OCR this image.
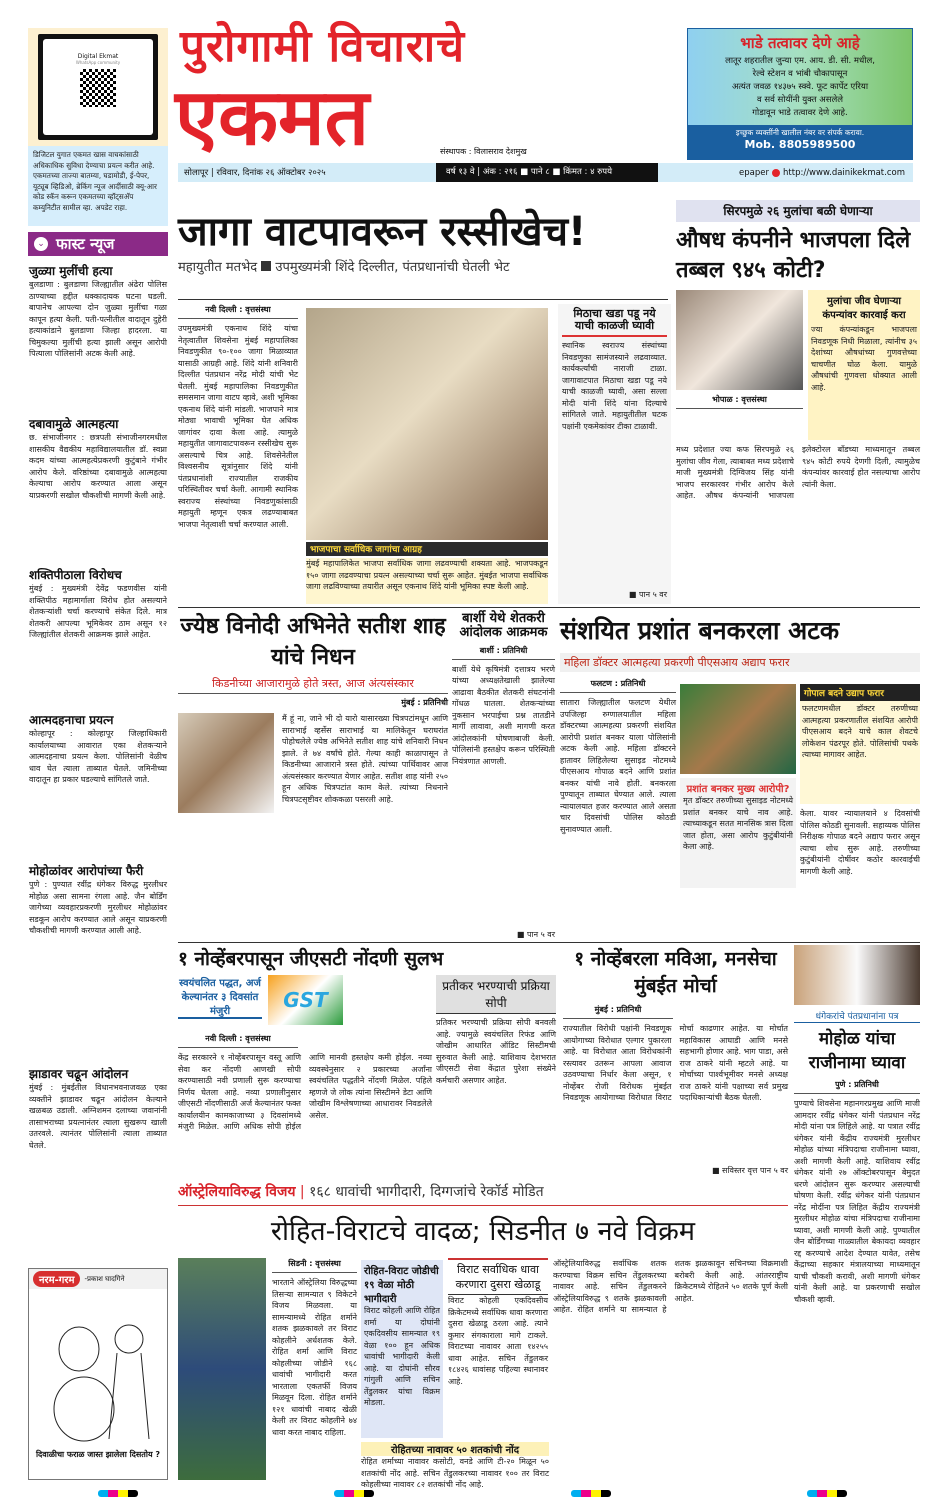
Digital Ekmat
WhatsApp community
डिजिटल युगात एकमत खास वाचकांसाठी अधिकाधिक सुविधा देण्याचा प्रयत्न करीत आहे. एकमतच्या ताज्या बातम्या, घडामोडी, ई-पेपर, यूट्यूब व्हिडिओ, ब्रेकिंग न्यूज आदींसाठी क्यू-आर कोड स्कॅन करून एकमतच्या व्हॉट्सअ‍ॅप कम्युनिटीत सामील व्हा. अपडेट राहा.
⌄ फास्ट न्यूज
जुळ्या मुलींची हत्या
बुलडाणा : बुलडाणा जिल्ह्यातील अंढेरा पोलिस ठाण्याच्या हद्दीत धक्कादायक घटना घडली. बापानेच आपल्या दोन जुळ्या मुलींचा गळा कापून हत्या केली. पती-पत्नीतील वादातून दुहेरी हत्याकांडाने बुलडाणा जिल्हा हादरला. या चिमुकल्या मुलींची हत्या झाली असून आरोपी पित्याला पोलिसांनी अटक केली आहे.
दबावामुळे आत्महत्या
छ. संभाजीनगर : छत्रपती संभाजीनगरमधील शासकीय वैद्यकीय महाविद्यालयातील डॉ. स्वप्ना कदम यांच्या आत्महत्येप्रकरणी कुटुंबाने गंभीर आरोप केले. वरिष्ठांच्या दबावामुळे आत्महत्या केल्याचा आरोप करण्यात आला असून याप्रकरणी सखोल चौकशीची मागणी केली आहे.
शक्तिपीठाला विरोधच
मुंबई : मुख्यमंत्री देवेंद्र फडणवीस यांनी शक्तिपीठ महामार्गाला विरोध होत असल्याने शेतकऱ्यांशी चर्चा करण्याचे संकेत दिले. मात्र शेतकरी आपल्या भूमिकेवर ठाम असून १२ जिल्ह्यांतील शेतकरी आक्रमक झाले आहेत.
आत्मदहनाचा प्रयत्न
कोल्हापूर : कोल्हापूर जिल्हाधिकारी कार्यालयाच्या आवारात एका शेतकऱ्याने आत्मदहनाचा प्रयत्न केला. पोलिसांनी वेळीच धाव घेत त्याला ताब्यात घेतले. जमिनीच्या वादातून हा प्रकार घडल्याचे सांगितले जाते.
मोहोळांवर आरोपांच्या फैरी
पुणे : पुण्यात रवींद्र धंगेकर विरुद्ध मुरलीधर मोहोळ असा सामना रंगला आहे. जैन बोर्डिंग जागेच्या व्यवहारप्रकरणी मुरलीधर मोहोळांवर सडकून आरोप करण्यात आले असून याप्रकरणी चौकशीची मागणी करण्यात आली आहे.
झाडावर चढून आंदोलन
मुंबई : मुंबईतील विधानभवनाजवळ एका व्यक्तीने झाडावर चढून आंदोलन केल्याने खळबळ उडाली. अग्निशमन दलाच्या जवानांनी तासाभराच्या प्रयत्नानंतर त्याला सुखरूप खाली उतरवले. त्यानंतर पोलिसांनी त्याला ताब्यात घेतले.
नरम-गरम	-प्रकाश घादगिने
दिवाळीचा फराळ जास्त झालेला दिसतोय ?
पुरोगामी विचाराचे
एकमत	संस्थापक : विलासराव देशमुख
भाडे तत्वावर देणे आहे
लातूर शहरातील जुन्या एम. आय. डी. सी. मधील,
रेल्वे स्टेशन व भांबी चौकापासून
अत्यंत जवळ १४३७५ स्क्वे. फूट कार्पेट एरिया
व सर्व सोयींनी युक्त असलेले
गोडावून भाडे तत्वावर देणे आहे.
इच्छुक व्यक्तींनी खालील नंबर वर संपर्क करावा.
Mob. 8805989500
सोलापूर | रविवार, दिनांक २६ ऑक्टोबर २०२५	वर्ष १३ वे | अंक : २१६ ■ पाने ८ ■ किंमत : ४ रुपये	epaper http://www.dainikekmat.com
जागा वाटपावरून रस्सीखेच!
महायुतीत मतभेद उपमुख्यमंत्री शिंदे दिल्लीत, पंतप्रधानांची घेतली भेट
नवी दिल्ली : वृत्तसंस्था
उपमुख्यमंत्री एकनाथ शिंदे यांचा नेतृत्वातील शिवसेना मुंबई महापालिका निवडणुकीत ९०-१०० जागा मिळाव्यात यासाठी आग्रही आहे. शिंदे यांनी शनिवारी दिल्लीत पंतप्रधान नरेंद्र मोदी यांची भेट घेतली. मुंबई महापालिका निवडणुकीत समसमान जागा वाटप व्हावे, अशी भूमिका एकनाथ शिंदे यांनी मांडली. भाजपाने मात्र मोठ्या भावाची भूमिका घेत अधिक जागांवर दावा केला आहे. त्यामुळे महायुतीत जागावाटपावरून रस्सीखेच सुरू असल्याचे चित्र आहे. शिवसेनेतील विश्वसनीय सूत्रांनुसार शिंदे यांनी पंतप्रधानांशी राज्यातील राजकीय परिस्थितीवर चर्चा केली. आगामी स्थानिक स्वराज्य संस्थांच्या निवडणुकांसाठी महायुती म्हणून एकत्र लढण्याबाबत भाजपा नेतृत्वाशी चर्चा करण्यात आली.
भाजपाचा सर्वाधिक जागांचा आग्रह
मुंबई महापालिकेत भाजपा सर्वाधिक जागा लढवण्याची शक्यता आहे. भाजपकडून १५० जागा लढवण्याचा प्रयत्न असल्याच्या चर्चा सुरू आहेत. मुंबईत भाजपा सर्वाधिक जागा लढविण्याच्या तयारीत असून एकनाथ शिंदे यांनी भूमिका स्पष्ट केली आहे.
मिठाचा खडा पडू नये याची काळजी घ्यावी
स्थानिक स्वराज्य संस्थांच्या निवडणुका सामंजस्याने लढवाव्यात. कार्यकर्त्यांची नाराजी टाळा. जागावाटपात मिठाचा खडा पडू नये याची काळजी घ्यावी, असा सल्ला मोदी यांनी शिंदे यांना दिल्याचे सांगितले जाते. महायुतीतील घटक पक्षांनी एकमेकांवर टीका टाळावी.
■ पान ५ वर
सिरपमुळे २६ मुलांचा बळी घेणाऱ्या
औषध कंपनीने भाजपला दिले तब्बल ९४५ कोटी?
भोपाळ : वृत्तसंस्था
मुलांचा जीव घेणाऱ्या कंपन्यांवर कारवाई करा
ज्या कंपन्यांकडून भाजपला निवडणूक निधी मिळाला, त्यांनीच ३५ देशांच्या औषधांच्या गुणवत्तेच्या चाचणीत घोळ केला. यामुळे औषधांची गुणवत्ता धोक्यात आली आहे.
मध्य प्रदेशात ज्या कफ सिरपमुळे २६ मुलांचा जीव गेला, त्याबाबत मध्य प्रदेशाचे माजी मुख्यमंत्री दिग्विजय सिंह यांनी भाजप सरकारवर गंभीर आरोप केले आहेत. औषध कंपन्यांनी भाजपला इलेक्टोरल बाँडच्या माध्यमातून तब्बल ९४५ कोटी रुपये देणगी दिली, त्यामुळेच कंपन्यांवर कारवाई होत नसल्याचा आरोप त्यांनी केला.
ज्येष्ठ विनोदी अभिनेते सतीश शाह यांचे निधन
किडनीच्या आजारामुळे होते त्रस्त, आज अंत्यसंस्कार
मुंबई : प्रतिनिधी
मैं हूं ना, जाने भी दो यारो यासारख्या चित्रपटांमधून आणि साराभाई व्हर्सेस साराभाई या मालिकेतून घराघरांत पोहोचलेले ज्येष्ठ अभिनेते सतीश शाह यांचे शनिवारी निधन झाले. ते ७४ वर्षांचे होते. गेल्या काही काळापासून ते किडनीच्या आजाराने त्रस्त होते. त्यांच्या पार्थिवावर आज अंत्यसंस्कार करण्यात येणार आहेत. सतीश शाह यांनी २५० हून अधिक चित्रपटांत काम केले. त्यांच्या निधनाने चित्रपटसृष्टीवर शोककळा पसरली आहे.
बार्शी येथे शेतकरी आंदोलक आक्रमक
बार्शी : प्रतिनिधी
बार्शी येथे कृषिमंत्री दत्तात्रय भरणे यांच्या अध्यक्षतेखाली झालेल्या आढावा बैठकीत शेतकरी संघटनांनी गोंधळ घातला. शेतकऱ्यांच्या नुकसान भरपाईचा प्रश्न तातडीने मार्गी लावावा, अशी मागणी करत आंदोलकांनी घोषणाबाजी केली. पोलिसांनी हस्तक्षेप करून परिस्थिती नियंत्रणात आणली.
■ पान ५ वर
संशयित प्रशांत बनकरला अटक
महिला डॉक्टर आत्महत्या प्रकरणी पीएसआय अद्याप फरार
फलटण : प्रतिनिधी
सातारा जिल्ह्यातील फलटण येथील उपजिल्हा रुग्णालयातील महिला डॉक्टरच्या आत्महत्या प्रकरणी संशयित आरोपी प्रशांत बनकर याला पोलिसांनी अटक केली आहे. महिला डॉक्टरने हातावर लिहिलेल्या सुसाइड नोटमध्ये पीएसआय गोपाळ बदने आणि प्रशांत बनकर यांची नावे होती. बनकरला पुण्यातून ताब्यात घेण्यात आले. त्याला न्यायालयात हजर करण्यात आले असता चार दिवसांची पोलिस कोठडी सुनावण्यात आली.
गोपाल बदने उद्याप फरार
फलटणमधील डॉक्टर तरुणीच्या आत्महत्या प्रकरणातील संशयित आरोपी पीएसआय बदने याचे काल शेवटचे लोकेशन पंढरपूर होते. पोलिसांची पथके त्याच्या मागावर आहेत.
प्रशांत बनकर मुख्य आरोपी?
मृत डॉक्टर तरुणीच्या सुसाइड नोटमध्ये प्रशांत बनकर याचे नाव आहे. त्याच्याकडून सतत मानसिक त्रास दिला जात होता, असा आरोप कुटुंबीयांनी केला आहे.
केला. यावर न्यायालयाने ४ दिवसांची पोलिस कोठडी सुनावली. सहाय्यक पोलिस निरीक्षक गोपाळ बदने अद्याप फरार असून त्याचा शोध सुरू आहे. तरुणीच्या कुटुंबीयांनी दोषींवर कठोर कारवाईची मागणी केली आहे.
१ नोव्हेंबरपासून जीएसटी नोंदणी सुलभ
स्वयंचलित पद्धत, अर्ज केल्यानंतर ३ दिवसांत मंजुरी	GST
नवी दिल्ली : वृत्तसंस्था
केंद्र सरकारने १ नोव्हेंबरपासून वस्तू आणि सेवा कर नोंदणी आणखी सोपी करण्यासाठी नवी प्रणाली सुरू करण्याचा निर्णय घेतला आहे. नव्या प्रणालीनुसार जीएसटी नोंदणीसाठी अर्ज केल्यानंतर फक्त कार्यालयीन कामकाजाच्या ३ दिवसांमध्ये मंजुरी मिळेल. आणि अधिक सोपी होईल आणि मानवी हस्तक्षेप कमी होईल. नव्या व्यवस्थेनुसार २ प्रकारच्या अर्जांना स्वयंचलित पद्धतीने नोंदणी मिळेल. पहिले म्हणजे जे लोक त्यांना सिस्टीमने डेटा आणि जोखीम विश्लेषणाच्या आधारावर निवडलेले असेल.
प्रतीकर भरण्याची प्रक्रिया सोपी
प्रतिकर भरण्याची प्रक्रिया सोपी बनवली आहे. ज्यामुळे स्वयंचलित रिफंड आणि जोखीम आधारित ऑडिट सिस्टीमची सुरुवात केली आहे. याशिवाय देशभरात जीएसटी सेवा केंद्रात पुरेशा संख्येने कर्मचारी असणार आहेत.
१ नोव्हेंबरला मविआ, मनसेचा मुंबईत मोर्चा
मुंबई : प्रतिनिधी
राज्यातील विरोधी पक्षांनी निवडणूक आयोगाच्या विरोधात एल्गार पुकारला आहे. या विरोधात आता विरोधकांनी रस्त्यावर उतरून आपला आवाज उठवण्याचा निर्धार केला असून, १ नोव्हेंबर रोजी विरोधक मुंबईत निवडणूक आयोगाच्या विरोधात विराट मोर्चा काढणार आहेत. या मोर्चात महाविकास आघाडी आणि मनसे सहभागी होणार आहे. भाग पाडा, असे राज ठाकरे यांनी म्हटले आहे. या मोर्चाच्या पार्श्वभूमीवर मनसे अध्यक्ष राज ठाकरे यांनी पक्षाच्या सर्व प्रमुख पदाधिकाऱ्यांची बैठक घेतली.
■ सविस्तर वृत्त पान ५ वर
धंगेकरांचे पंतप्रधानांना पत्र
मोहोळ यांचा राजीनामा घ्यावा
पुणे : प्रतिनिधी
पुण्याचे शिवसेना महानगरप्रमुख आणि माजी आमदार रवींद्र धंगेकर यांनी पंतप्रधान नरेंद्र मोदी यांना पत्र लिहिले आहे. या पत्रात रवींद्र धंगेकर यांनी केंद्रीय राज्यमंत्री मुरलीधर मोहोळ यांच्या मंत्रिपदाचा राजीनामा घ्यावा, अशी मागणी केली आहे. याशिवाय रवींद्र धंगेकर यांनी २७ ऑक्टोबरपासून बेमुदत धरणे आंदोलन सुरू करण्यार असल्याची घोषणा केली. रवींद्र धंगेकर यांनी पंतप्रधान नरेंद्र मोदींना पत्र लिहित केंद्रीय राज्यमंत्री मुरलीधर मोहोळ यांचा मंत्रिपदाचा राजीनामा घ्यावा, अशी मागणी केली आहे. पुण्यातील जैन बोर्डिंगच्या गाळ्यातील बेकायदा व्यवहार रद्द करण्याचे आदेश देण्यात यावेत, तसेच केंद्राच्या सहकार मंत्रालयाच्या माध्यमातून याची चौकशी करावी, अशी मागणी धंगेकर यांनी केली आहे. या प्रकरणाची सखोल चौकशी व्हावी.
ऑस्ट्रेलियाविरुद्ध विजय | १६८ धावांची भागीदारी, दिग्गजांचे रेकॉर्ड मोडित
रोहित-विराटचे वादळ; सिडनीत ७ नवे विक्रम
सिडनी : वृत्तसंस्था
भारताने ऑस्ट्रेलिया विरुद्धच्या तिसऱ्या सामन्यात ९ विकेटने विजय मिळवला. या सामन्यामध्ये रोहित शर्माने शतक झळकावले तर विराट कोहलीने अर्धशतक केले. रोहित शर्मा आणि विराट कोहलीच्या जोडीने १६८ धावांची भागीदारी करत भारताला एकतर्फी विजय मिळवून दिला. रोहित शर्माने १२१ धावांची नाबाद खेळी केली तर विराट कोहलीने ७४ धावा करत नाबाद राहिला.
रोहित-विराट जोडीची १९ वेळा मोठी भागीदारी
विराट कोहली आणि रोहित शर्मा या दोघांनी एकदिवसीय सामन्यात १९ वेळा १०० हून अधिक धावांची भागीदारी केली आहे. या दोघांनी सौरव गांगुली आणि सचिन तेंडुलकर यांचा विक्रम मोडला.
विराट सर्वाधिक धावा करणारा दुसरा खेळाडू
विराट कोहली एकदिवसीय क्रिकेटमध्ये सर्वाधिक धावा करणारा दुसरा खेळाडू ठरला आहे. त्याने कुमार संगकाराला मागे टाकले. विराटच्या नावावर आता १४२५५ धावा आहेत. सचिन तेंडुलकर १८४२६ धावांसह पहिल्या स्थानावर आहे.
ऑस्ट्रेलियाविरुद्ध सर्वाधिक शतक करण्याचा विक्रम सचिन तेंडुलकरच्या नावावर आहे. सचिन तेंडुलकरने ऑस्ट्रेलियाविरुद्ध ९ शतके झळकावली आहेत. रोहित शर्माने या सामन्यात हे शतक झळकावून सचिनच्या विक्रमाशी बरोबरी केली आहे. आंतरराष्ट्रीय क्रिकेटमध्ये रोहितने ५० शतके पूर्ण केली आहेत.
रोहितच्या नावावर ५० शतकांची नोंद
रोहित शर्माच्या नावावर कसोटी, वनडे आणि टी-२० मिळून ५० शतकांची नोंद आहे. सचिन तेंडुलकरच्या नावावर १०० तर विराट कोहलीच्या नावावर ८२ शतकांची नोंद आहे.
